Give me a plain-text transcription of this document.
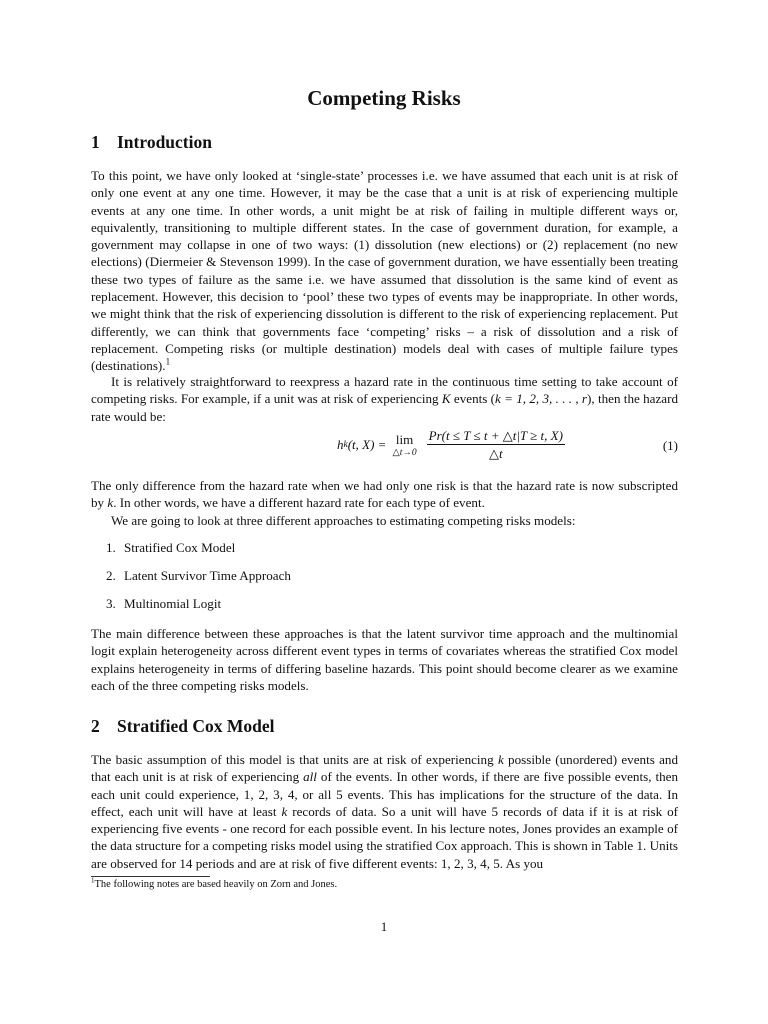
Competing Risks
1 Introduction

To this point, we have only looked at ‘single-state’ processes i.e. we have assumed that each unit is at risk of only one event at any one time. However, it may be the case that a unit is at risk of experiencing multiple events at any one time. In other words, a unit might be at risk of failing in multiple different ways or, equivalently, transitioning to multiple different states. In the case of government duration, for example, a government may collapse in one of two ways: (1) dissolution (new elections) or (2) replacement (no new elections) (Diermeier & Stevenson 1999). In the case of government duration, we have essentially been treating these two types of failure as the same i.e. we have assumed that dissolution is the same kind of event as replacement. However, this decision to ‘pool’ these two types of events may be inappropriate. In other words, we might think that the risk of experiencing dissolution is different to the risk of experiencing replacement. Put differently, we can think that governments face ‘competing’ risks – a risk of dissolution and a risk of replacement. Competing risks (or multiple destination) models deal with cases of multiple failure types (destinations).$^1$

It is relatively straightforward to reexpress a hazard rate in the continuous time setting to take account of competing risks. For example, if a unit was at risk of experiencing K events (k = 1, 2, 3, . . . , r), then the hazard rate would be:

h k (t, X) = lim
△t→0 $\frac{Pr(t \le T \le t + \triangle t|T \ge t, X)}{\triangle t}$	(1)

The only difference from the hazard rate when we had only one risk is that the hazard rate is now subscripted by k. In other words, we have a different hazard rate for each type of event.

We are going to look at three different approaches to estimating competing risks models:

1. Stratified Cox Model
2. Latent Survivor Time Approach
3. Multinomial Logit

The main difference between these approaches is that the latent survivor time approach and the multinomial logit explain heterogeneity across different event types in terms of covariates whereas the stratified Cox model explains heterogeneity in terms of differing baseline hazards. This point should become clearer as we examine each of the three competing risks models.

2 Stratified Cox Model

The basic assumption of this model is that units are at risk of experiencing k possible (unordered) events and that each unit is at risk of experiencing all of the events. In other words, if there are five possible events, then each unit could experience, 1, 2, 3, 4, or all 5 events. This has implications for the structure of the data. In effect, each unit will have at least k records of data. So a unit will have 5 records of data if it is at risk of experiencing five events - one record for each possible event. In his lecture notes, Jones provides an example of the data structure for a competing risks model using the stratified Cox approach. This is shown in Table 1. Units are observed for 14 periods and are at risk of five different events: 1, 2, 3, 4, 5. As you

$^1$The following notes are based heavily on Zorn and Jones.
1
